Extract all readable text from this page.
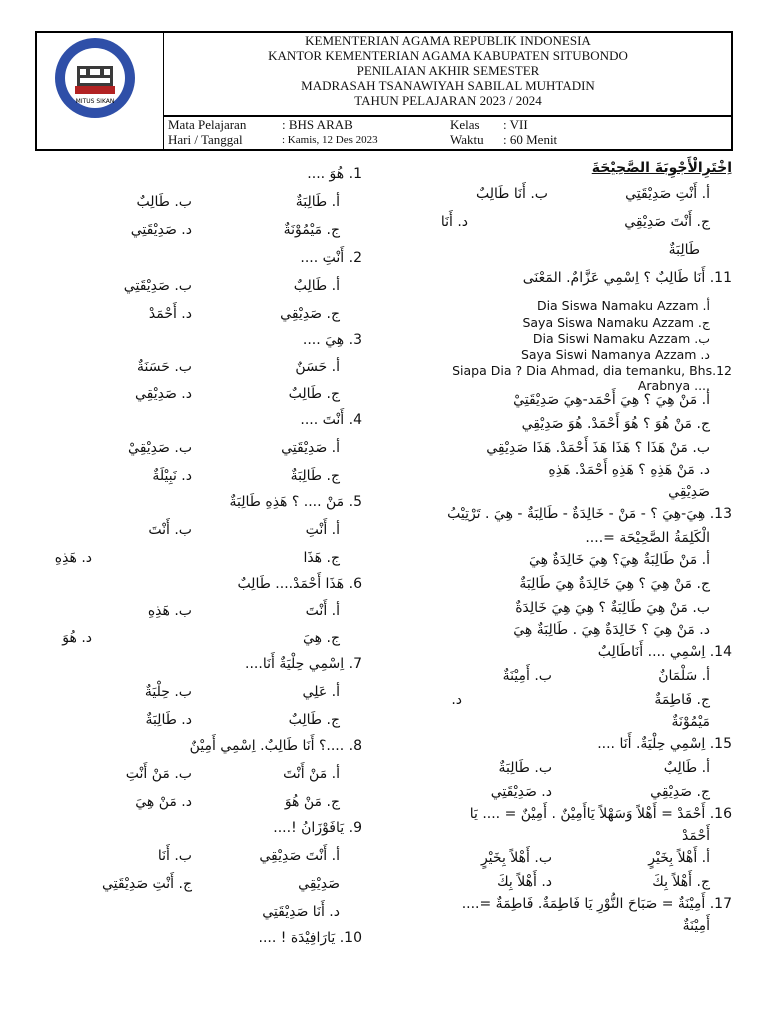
MITUS SIKAN
KEMENTERIAN AGAMA REPUBLIK INDONESIA
KANTOR KEMENTERIAN AGAMA KABUPATEN SITUBONDO
PENILAIAN AKHIR SEMESTER
MADRASAH TSANAWIYAH SABILAL MUHTADIN
TAHUN PELAJARAN 2023 / 2024
Mata Pelajaran	: BHS ARAB
Hari / Tanggal	: Kamis, 12 Des 2023
Kelas : VII
Waktu : 60 Menit
1. هُوَ ....
أ. طَالِبَةٌ
ب. طَالِبٌ
ج. مَيْمُوْنَةٌ
د. صَدِيْقَتِي
2. أَنْتِ ....
أ. طَالِبٌ
ب. صَدِيْقَتِي
ج. صَدِيْقِي
د. أَحْمَدْ
3. هِيَ ....
أ. حَسَنٌ
ب. حَسَنَةٌ
ج. طَالِبٌ
د. صَدِيْقِي
4. أَنْتَ ....
أ. صَدِيْقَتِي
ب. صَدِيْقِيْ
ج. طَالِبَةٌ
د. نَبِيْلَةٌ
5. مَنْ .... ؟ هَذِهِ طَالِبَةٌ
أ. أَنْتِ
ب. أَنْتَ
ج. هَذَا
د. هَذِهِ
6. هَذَا أَحْمَدْ.... طَالِبٌ
أ. أَنْتَ
ب. هَذِهِ
ج. هِيَ
د. هُوَ
7. اِسْمِي حِلْيَةٌ أَنَا....
أ. عَلِي
ب. حِلْيَةٌ
ج. طَالِبٌ
د. طَالِبَةٌ
8. ....؟ أَنَا طَالِبٌ. اِسْمِي أَمِيْنٌ
أ. مَنْ أَنْتَ
ب. مَنْ أَنْتِ
ج. مَنْ هُوَ
د. مَنْ هِيَ
9. يَافَوْزَانُ !....
أ. أَنْتَ صَدِيْقِي
ب. أَنَا
صَدِيْقِي
ج. أَنْتِ صَدِيْقَتِي
د. أَنَا صَدِيْقَتِي
10. يَارَافِيْدَة ! ....
اِخْتَرِالْأَجْوِبَةَ الصَّحِيْحَةَ
أ. أَنْتِ صَدِيْقَتِي
ب. أَنَا طَالِبٌ
ج. أَنْتَ صَدِيْقِي
د. أَنَا
طَالِبَةٌ
11. أَنَا طَالِبٌ ؟ اِسْمِي عَزَّامٌ. المَعْنَى
Dia Siswa Namaku Azzam .أ
Saya Siswa Namaku Azzam .ج
Dia Siswi Namaku Azzam .ب
Saya Siswi Namanya Azzam .د
Siapa Dia ? Dia Ahmad, dia temanku, Bhs.12
Arabnya ....
أ. مَنْ هِيَ ؟ هِيَ أَحْمَد-هِيَ صَدِيْقَتِيْ
ج. مَنْ هُوَ ؟ هُوَ أَحْمَدْ. هُوَ صَدِيْقِي
ب. مَنْ هَذَا ؟ هَذَا هَذَ أَحْمَدْ. هَذَا صَدِيْقِي
د. مَنْ هَذِهِ ؟ هَذِهِ أَحْمَدْ. هَذِهِ
صَدِيْقِي
13. هِيَ-هِيَ ؟ - مَنْ - خَالِدَةٌ - طَالِبَةٌ - هِيَ . تَرْتِيْبُ
الْكَلِمَةُ الصَّحِيْحَة =....
أ. مَنْ طَالِبَةٌ هِيَ؟ هِيَ خَالِدَةٌ هِيَ
ج. مَنْ هِيَ ؟ هِيَ خَالِدَةٌ هِيَ طَالِبَةٌ
ب. مَنْ هِيَ طَالِبَةٌ ؟ هِيَ هِيَ خَالِدَةٌ
د. مَنْ هِيَ ؟ خَالِدَةٌ هِيَ . طَالِبَةٌ هِيَ
14. اِسْمِي .... أَنَاطَالِبٌ
أ. سَلْمَانٌ
ب. أَمِيْنَةٌ
ج. فَاطِمَةٌ
د.
مَيْمُوْنَةٌ
15. اِسْمِي حِلْيَةٌ. أَنَا ....
أ. طَالِبٌ
ب. طَالِبَةٌ
ج. صَدِيْقِي
د. صَدِيْقَتِي
16. أَحْمَدْ = أَهْلاً وَسَهْلاً يَاأَمِيْنٌ . أَمِيْنٌ = .... يَا
أَحْمَدْ
أ. أَهْلاً بِخَيْرٍ
ب. أَهْلاً بِخَيْرٍ
ج. أَهْلاً بِكَ
د. أَهْلاً بِكَ
17. أَمِيْنَةٌ = صَبَاحَ النُّوْرِ يَا فَاطِمَةٌ. فَاطِمَةٌ =....
أَمِيْنَةٌ
